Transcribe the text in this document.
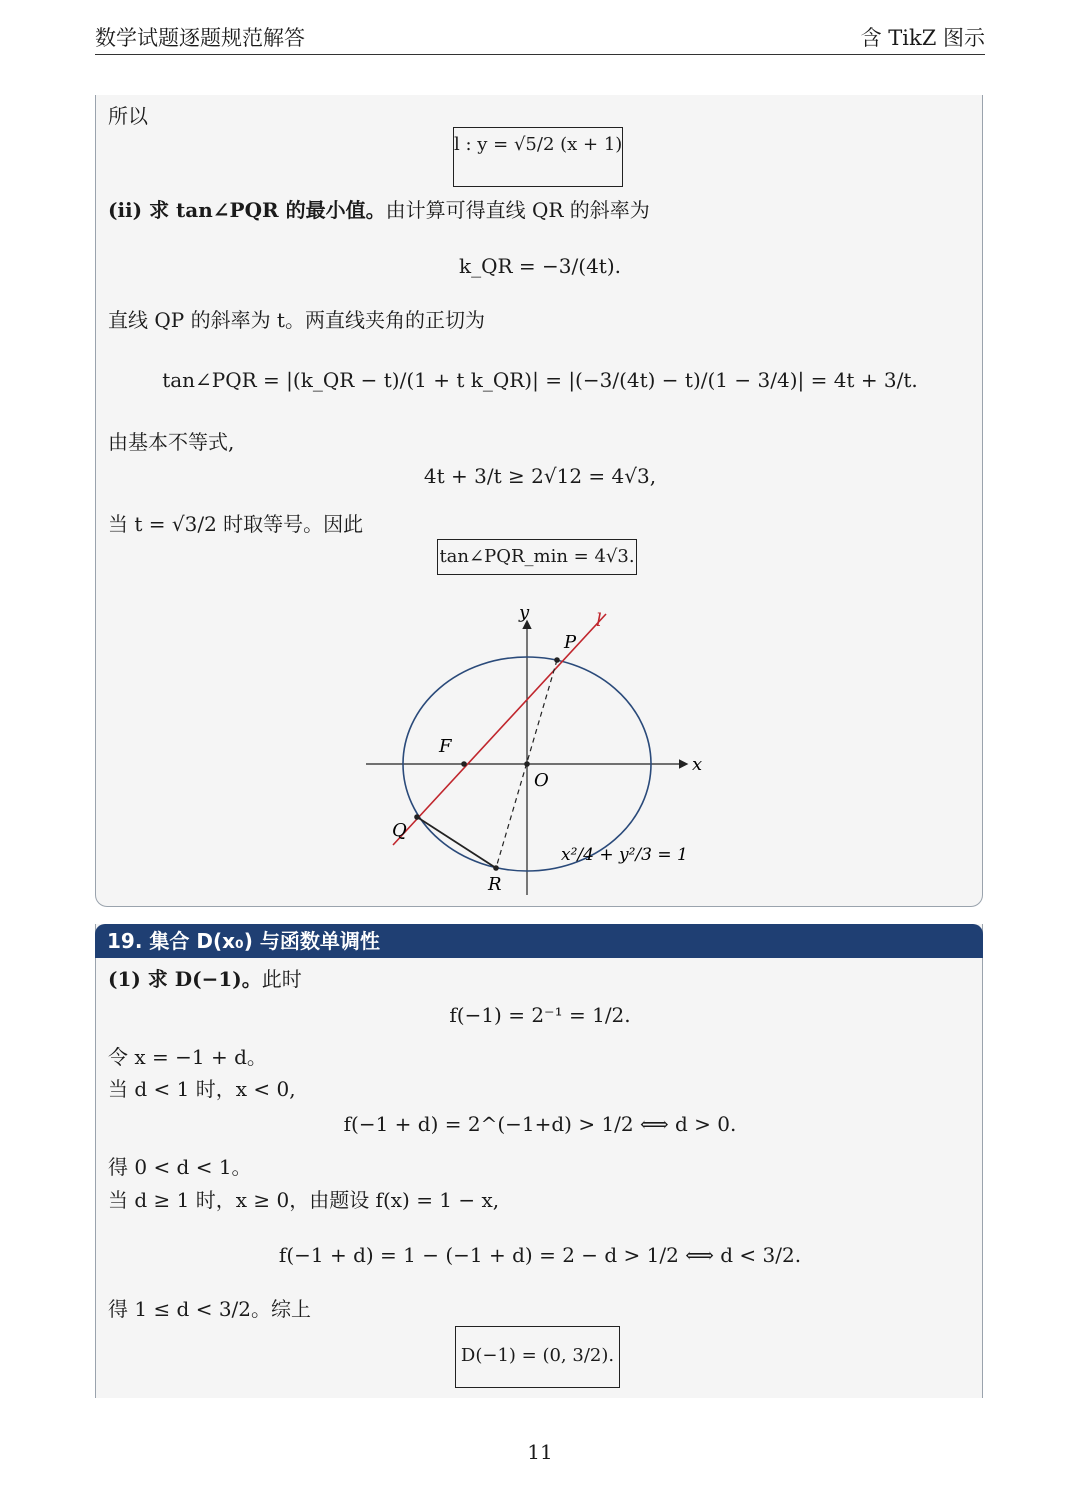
数学试题逐题规范解答	含 TikZ 图示
所以
l : y = √5/2 (x + 1)
(ii) 求 tan∠PQR 的最小值。由计算可得直线 QR 的斜率为
k_QR = −3/(4t).
直线 QP 的斜率为 t。两直线夹角的正切为
tan∠PQR = |(k_QR − t)/(1 + t k_QR)| = |(−3/(4t) − t)/(1 − 3/4)| = 4t + 3/t.
由基本不等式,
4t + 3/t ≥ 2√12 = 4√3,
当 t = √3/2 时取等号。因此
tan∠PQR_min = 4√3.
y	l
P
F
x
O
Q
R
x²/4 + y²/3 = 1
19. 集合 D(x₀) 与函数单调性
(1) 求 D(−1)。此时
f(−1) = 2⁻¹ = 1/2.
令 x = −1 + d。
当 d < 1 时，x < 0,
f(−1 + d) = 2^(−1+d) > 1/2 ⟺ d > 0.
得 0 < d < 1。
当 d ≥ 1 时，x ≥ 0，由题设 f(x) = 1 − x,
f(−1 + d) = 1 − (−1 + d) = 2 − d > 1/2 ⟺ d < 3/2.
得 1 ≤ d < 3/2。综上
D(−1) = (0, 3/2).
11
